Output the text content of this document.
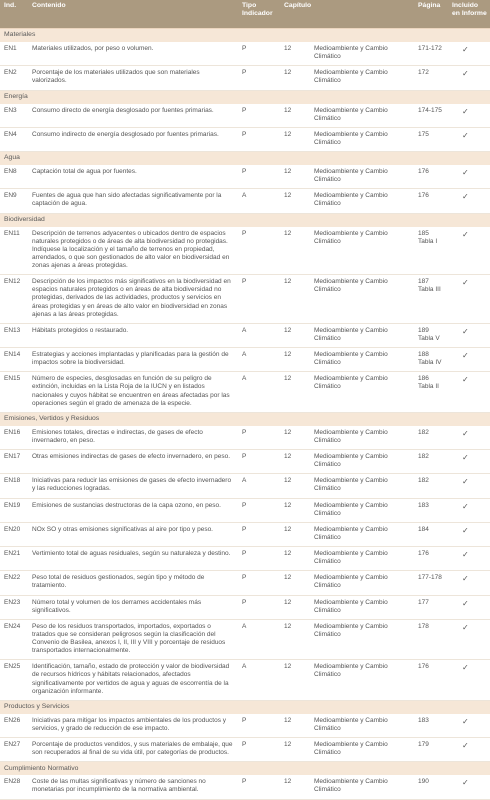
Ind.	Contenido	Tipo Indicador	Capítulo		Página	Incluido en Informe
Materiales						
EN1	Materiales utilizados, por peso o volumen.	P	12	Medioambiente y Cambio Climático	171-172	✓
EN2	Porcentaje de los materiales utilizados que son materiales valorizados.	P	12	Medioambiente y Cambio Climático	172	✓
Energía						
EN3	Consumo directo de energía desglosado por fuentes primarias.	P	12	Medioambiente y Cambio Climático	174-175	✓
EN4	Consumo indirecto de energía desglosado por fuentes primarias.	P	12	Medioambiente y Cambio Climático	175	✓
Agua						
EN8	Captación total de agua por fuentes.	P	12	Medioambiente y Cambio Climático	176	✓
EN9	Fuentes de agua que han sido afectadas significativamente por la captación de agua.	A	12	Medioambiente y Cambio Climático	176	✓
Biodiversidad						
EN11	Descripción de terrenos adyacentes o ubicados dentro de espacios naturales protegidos o de áreas de alta biodiversidad no protegidas. Indíquese la localización y el tamaño de terrenos en propiedad, arrendados, o que son gestionados de alto valor en biodiversidad en zonas ajenas a áreas protegidas.	P	12	Medioambiente y Cambio Climático	185 Tabla I	✓
EN12	Descripción de los impactos más significativos en la biodiversidad en espacios naturales protegidos o en áreas de alta biodiversidad no protegidas, derivados de las actividades, productos y servicios en áreas protegidas y en áreas de alto valor en biodiversidad en zonas ajenas a las áreas protegidas.	P	12	Medioambiente y Cambio Climático	187 Tabla III	✓
EN13	Hábitats protegidos o restaurado.	A	12	Medioambiente y Cambio Climático	189 Tabla V	✓
EN14	Estrategias y acciones implantadas y planificadas para la gestión de impactos sobre la biodiversidad.	A	12	Medioambiente y Cambio Climático	188 Tabla IV	✓
EN15	Número de especies, desglosadas en función de su peligro de extinción, incluidas en la Lista Roja de la IUCN y en listados nacionales y cuyos hábitat se encuentren en áreas afectadas por las operaciones según el grado de amenaza de la especie.	A	12	Medioambiente y Cambio Climático	186 Tabla II	✓
Emisiones, Vertidos y Residuos						
EN16	Emisiones totales, directas e indirectas, de gases de efecto invernadero, en peso.	P	12	Medioambiente y Cambio Climático	182	✓
EN17	Otras emisiones indirectas de gases de efecto invernadero, en peso.	P	12	Medioambiente y Cambio Climático	182	✓
EN18	Iniciativas para reducir las emisiones de gases de efecto invernadero y las reducciones logradas.	A	12	Medioambiente y Cambio Climático	182	✓
EN19	Emisiones de sustancias destructoras de la capa ozono, en peso.	P	12	Medioambiente y Cambio Climático	183	✓
EN20	NOx SO y otras emisiones significativas al aire por tipo y peso.	P	12	Medioambiente y Cambio Climático	184	✓
EN21	Vertimiento total de aguas residuales, según su naturaleza y destino.	P	12	Medioambiente y Cambio Climático	176	✓
EN22	Peso total de residuos gestionados, según tipo y método de tratamiento.	P	12	Medioambiente y Cambio Climático	177-178	✓
EN23	Número total y volumen de los derrames accidentales más significativos.	P	12	Medioambiente y Cambio Climático	177	✓
EN24	Peso de los residuos transportados, importados, exportados o tratados que se consideran peligrosos según la clasificación del Convenio de Basilea, anexos I, II, III y VIII y porcentaje de residuos transportados internacionalmente.	A	12	Medioambiente y Cambio Climático	178	✓
EN25	Identificación, tamaño, estado de protección y valor de biodiversidad de recursos hídricos y hábitats relacionados, afectados significativamente por vertidos de agua y aguas de escorrentía de la organización informante.	A	12	Medioambiente y Cambio Climático	176	✓
Productos y Servicios						
EN26	Iniciativas para mitigar los impactos ambientales de los productos y servicios, y grado de reducción de ese impacto.	P	12	Medioambiente y Cambio Climático	183	✓
EN27	Porcentaje de productos vendidos, y sus materiales de embalaje, que son recuperados al final de su vida útil, por categorías de productos.	P	12	Medioambiente y Cambio Climático	179	✓
Cumplimiento Normativo						
EN28	Coste de las multas significativas y número de sanciones no monetarias por incumplimiento de la normativa ambiental.	P	12	Medioambiente y Cambio Climático	190	✓
